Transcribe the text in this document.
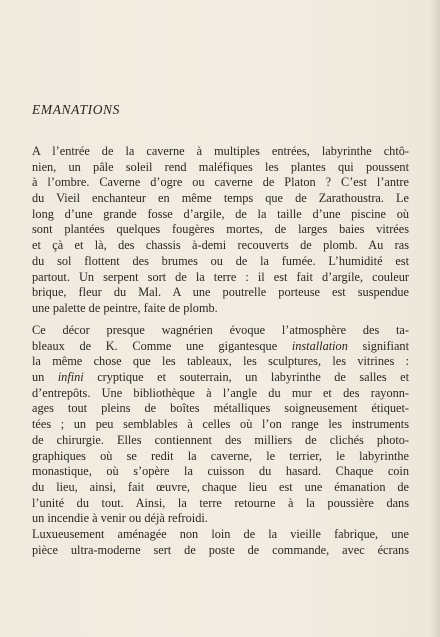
EMANATIONS

A l’entrée de la caverne à multiples entrées, labyrinthe chtô-
nien, un pâle soleil rend maléfiques les plantes qui poussent
à l’ombre. Caverne d’ogre ou caverne de Platon ? C’est l’antre
du Vieil enchanteur en même temps que de Zarathoustra. Le
long d’une grande fosse d’argile, de la taille d’une piscine où
sont plantées quelques fougères mortes, de larges baies vitrées
et çà et là, des chassis à-demi recouverts de plomb. Au ras
du sol flottent des brumes ou de la fumée. L’humidité est
partout. Un serpent sort de la terre : il est fait d’argile, couleur
brique, fleur du Mal. A une poutrelle porteuse est suspendue
une palette de peintre, faite de plomb.

Ce décor presque wagnérien évoque l’atmosphère des ta-
bleaux de K. Comme une gigantesque installation signifiant
la même chose que les tableaux, les sculptures, les vitrines :
un infini cryptique et souterrain, un labyrinthe de salles et
d’entrepôts. Une bibliothèque à l’angle du mur et des rayonn-
ages tout pleins de boîtes métalliques soigneusement étiquet-
tées ; un peu semblables à celles où l’on range les instruments
de chirurgie. Elles contiennent des milliers de clichés photo-
graphiques où se redit la caverne, le terrier, le labyrinthe
monastique, où s’opère la cuisson du hasard. Chaque coin
du lieu, ainsi, fait œuvre, chaque lieu est une émanation de
l’unité du tout. Ainsi, la terre retourne à la poussière dans
un incendie à venir ou déjà refroidi.
Luxueusement aménagée non loin de la vieille fabrique, une
pièce ultra-moderne sert de poste de commande, avec écrans
